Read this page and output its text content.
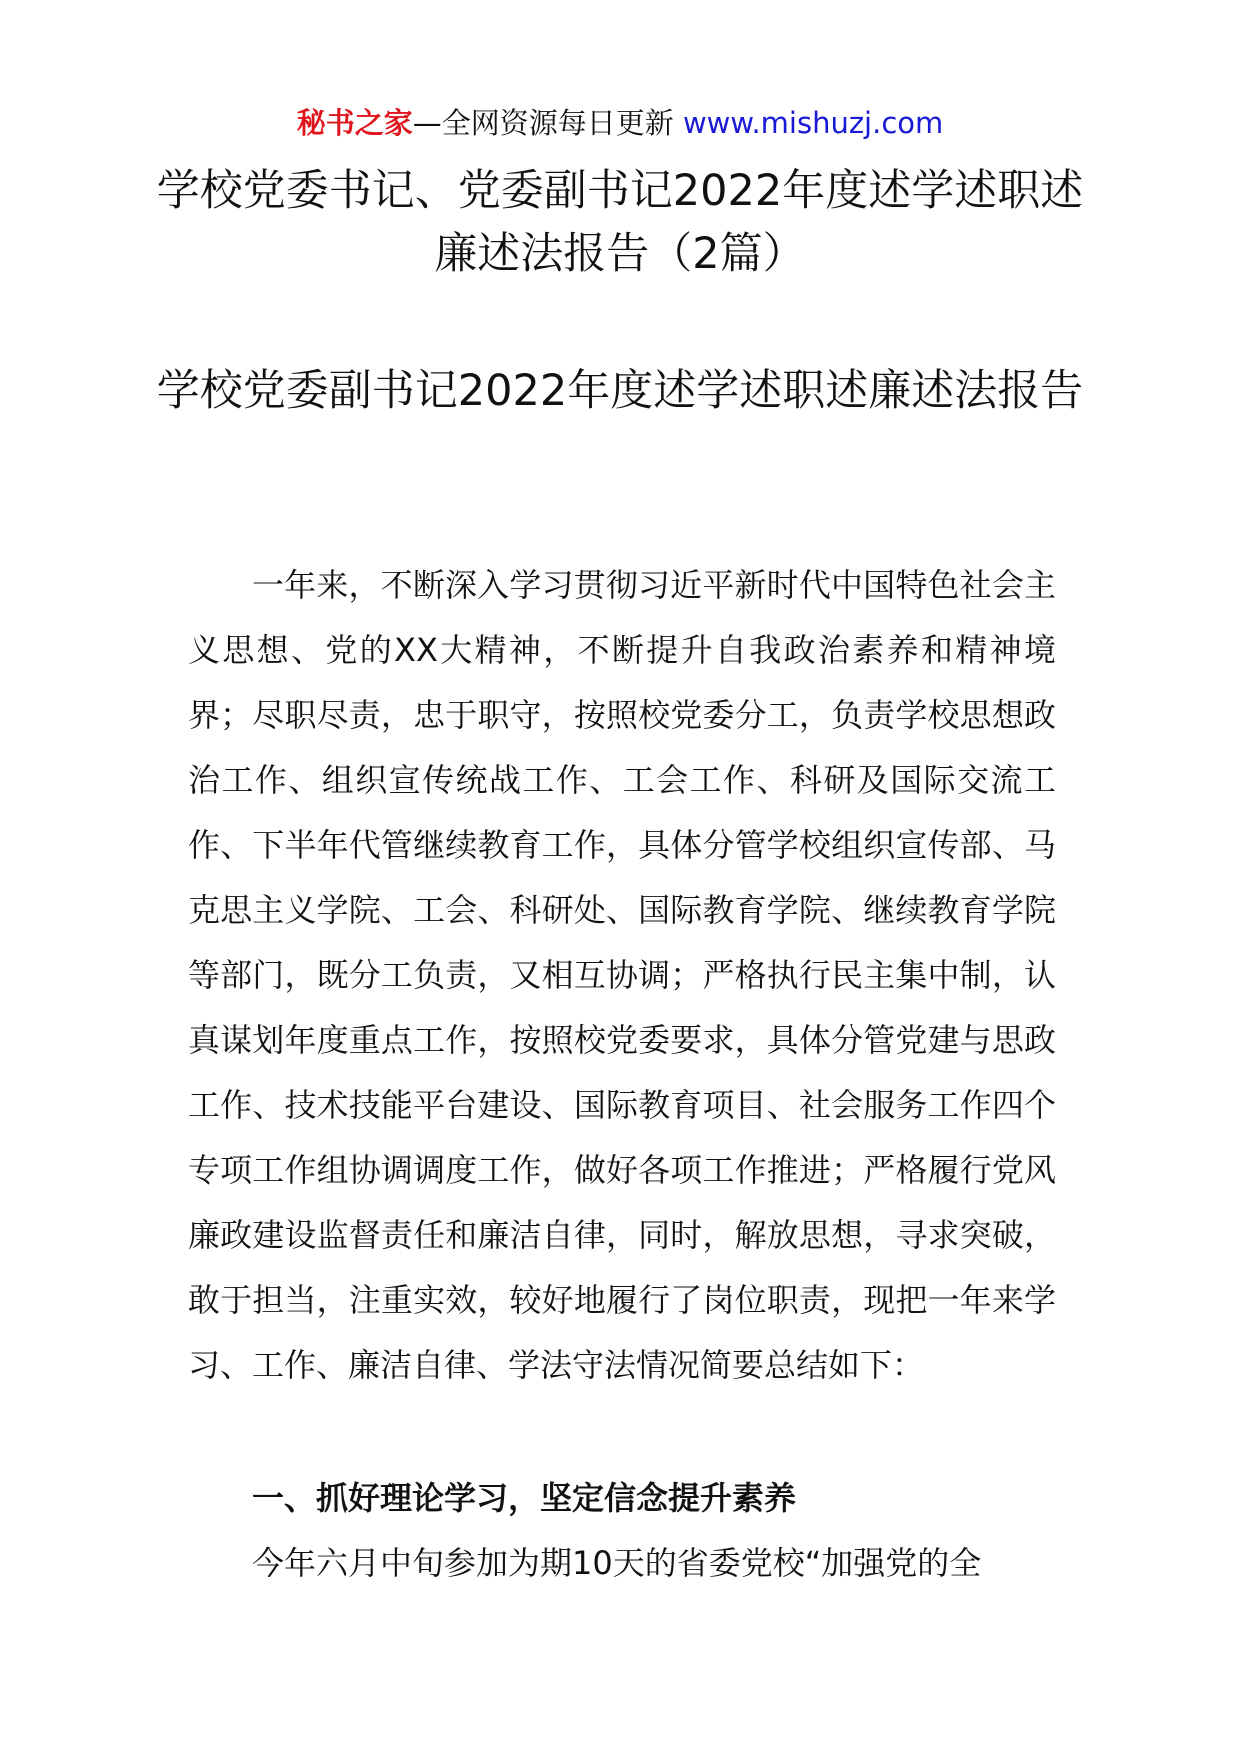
秘书之家—全网资源每日更新 www.mishuzj.com
学校党委书记、党委副书记2022年度述学述职述廉述法报告（2篇）
学校党委副书记2022年度述学述职述廉述法报告

一年来，不断深入学习贯彻习近平新时代中国特色社会主义思想、党的XX大精神，不断提升自我政治素养和精神境界；尽职尽责，忠于职守，按照校党委分工，负责学校思想政治工作、组织宣传统战工作、工会工作、科研及国际交流工作、下半年代管继续教育工作，具体分管学校组织宣传部、马克思主义学院、工会、科研处、国际教育学院、继续教育学院等部门，既分工负责，又相互协调；严格执行民主集中制，认真谋划年度重点工作，按照校党委要求，具体分管党建与思政工作、技术技能平台建设、国际教育项目、社会服务工作四个专项工作组协调调度工作，做好各项工作推进；严格履行党风廉政建设监督责任和廉洁自律，同时，解放思想，寻求突破，敢于担当，注重实效，较好地履行了岗位职责，现把一年来学习、工作、廉洁自律、学法守法情况简要总结如下：

一、抓好理论学习，坚定信念提升素养

今年六月中旬参加为期10天的省委党校“加强党的全
